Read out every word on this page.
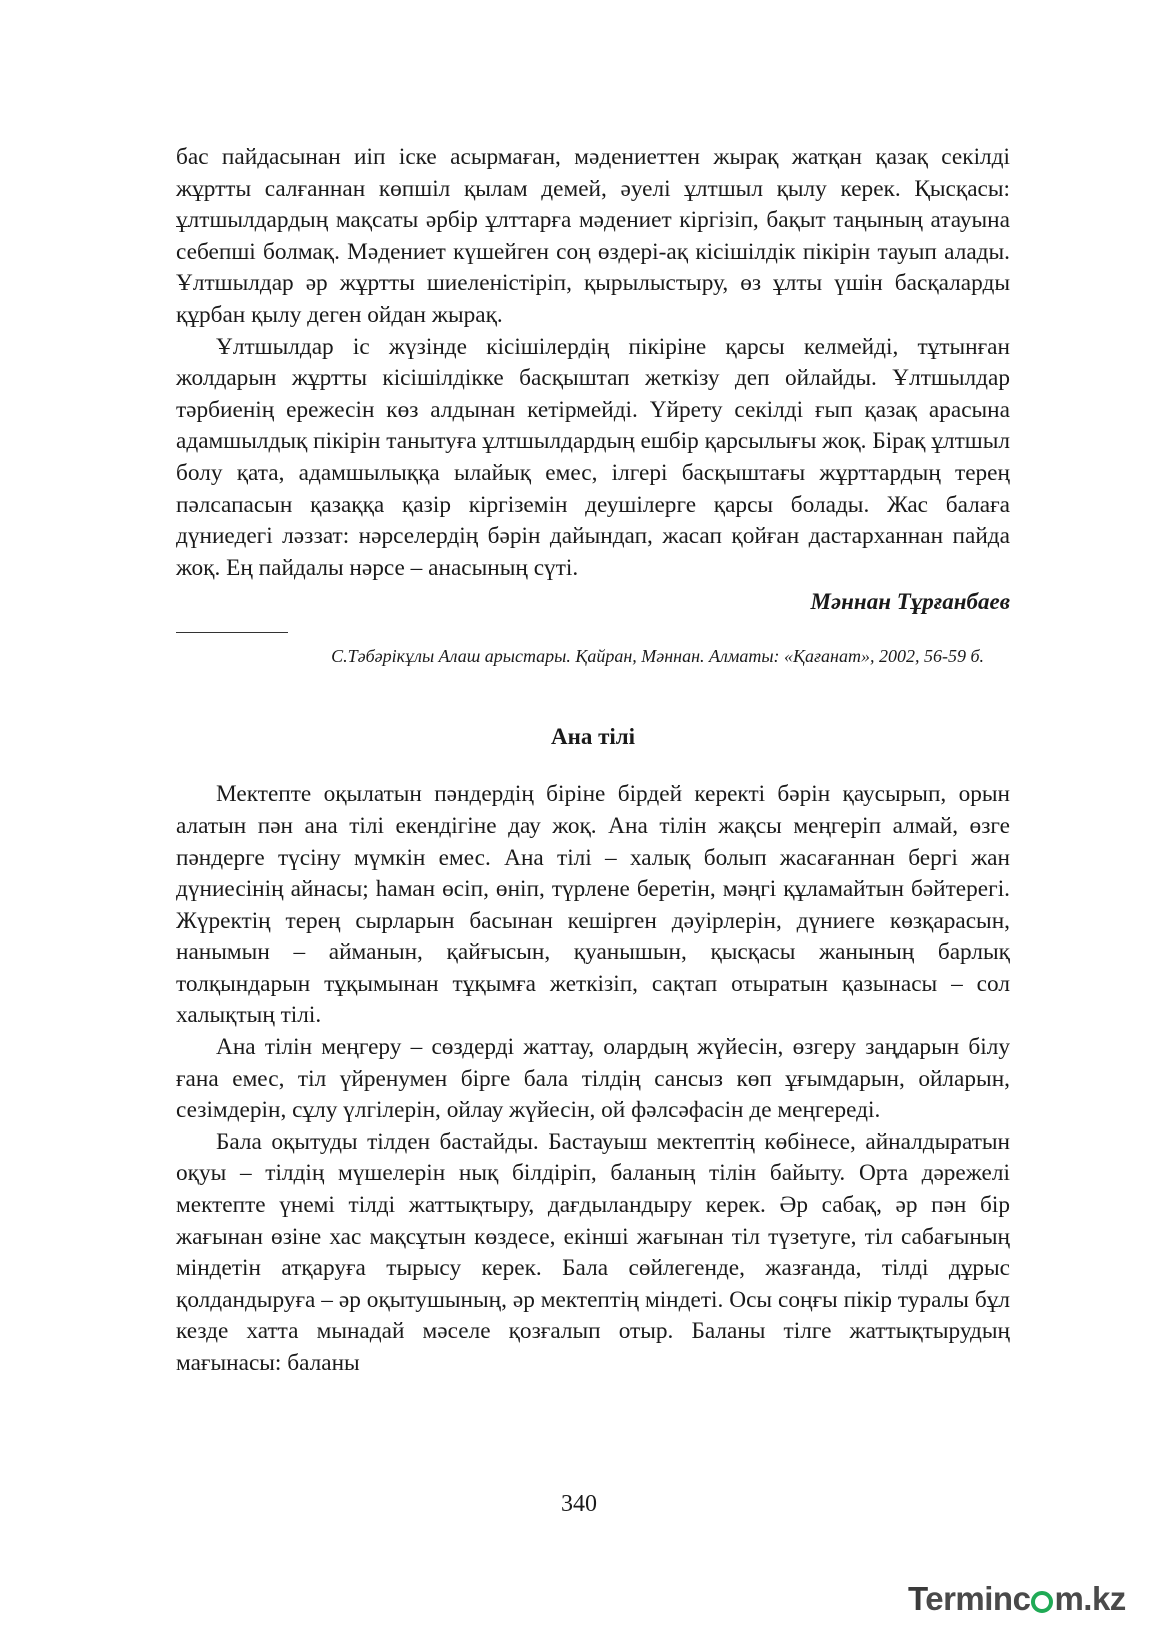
бас пайдасынан иіп іске асырмаған, мәдениеттен жырақ жатқан қазақ секілді жұртты салғаннан көпшіл қылам демей, әуелі ұлтшыл қылу керек. Қысқасы: ұлтшылдардың мақсаты әрбір ұлттарға мәдениет кіргізіп, бақыт таңының атауына себепші болмақ. Мәдениет күшейген соң өздері-ақ кісішілдік пікірін тауып алады. Ұлтшылдар әр жұртты шиеленістіріп, қырылыстыру, өз ұлты үшін басқаларды құрбан қылу деген ойдан жырақ.

Ұлтшылдар іс жүзінде кісішілердің пікіріне қарсы келмейді, тұтынған жолдарын жұртты кісішілдікке басқыштап жеткізу деп ойлайды. Ұлтшылдар тәрбиенің ережесін көз алдынан кетірмейді. Үйрету секілді ғып қазақ арасына адамшылдық пікірін танытуға ұлтшылдардың ешбір қарсылығы жоқ. Бірақ ұлтшыл болу қата, адамшылыққа ылайық емес, ілгері басқыштағы жұрттардың терең пәлсапасын қазаққа қазір кіргіземін деушілерге қарсы болады. Жас балаға дүниедегі ләззат: нәрселердің бәрін дайындап, жасап қойған дастарханнан пайда жоқ. Ең пайдалы нәрсе – анасының сүті.

Мәннан Тұрғанбаев

С.Тәбәрікұлы Алаш арыстары. Қайран, Мәннан. Алматы: «Қағанат», 2002, 56-59 б.

Ана тілі

Мектепте оқылатын пәндердің біріне бірдей керекті бәрін қаусырып, орын алатын пән ана тілі екендігіне дау жоқ. Ана тілін жақсы меңгеріп алмай, өзге пәндерге түсіну мүмкін емес. Ана тілі – халық болып жасағаннан бергі жан дүниесінің айнасы; һаман өсіп, өніп, түрлене беретін, мәңгі құламайтын бәйтерегі. Жүректің терең сырларын басынан кешірген дәуірлерін, дүниеге көзқарасын, нанымын – айманын, қайғысын, қуанышын, қысқасы жанының барлық толқындарын тұқымынан тұқымға жеткізіп, сақтап отыратын қазынасы – сол халықтың тілі.

Ана тілін меңгеру – сөздерді жаттау, олардың жүйесін, өзгеру заңдарын білу ғана емес, тіл үйренумен бірге бала тілдің сансыз көп ұғымдарын, ойларын, сезімдерін, сұлу үлгілерін, ойлау жүйесін, ой фәлсәфасін де меңгереді.

Бала оқытуды тілден бастайды. Бастауыш мектептің көбінесе, айналдыратын оқуы – тілдің мүшелерін нық білдіріп, баланың тілін байыту. Орта дәрежелі мектепте үнемі тілді жаттықтыру, дағдыландыру керек. Әр сабақ, әр пән бір жағынан өзіне хас мақсұтын көздесе, екінші жағынан тіл түзетуге, тіл сабағының міндетін атқаруға тырысу керек. Бала сөйлегенде, жазғанда, тілді дұрыс қолдандыруға – әр оқытушының, әр мектептің міндеті. Осы соңғы пікір туралы бұл кезде хатта мынадай мәселе қозғалып отыр. Баланы тілге жаттықтырудың мағынасы: баланы

340
Terminc m.kz
